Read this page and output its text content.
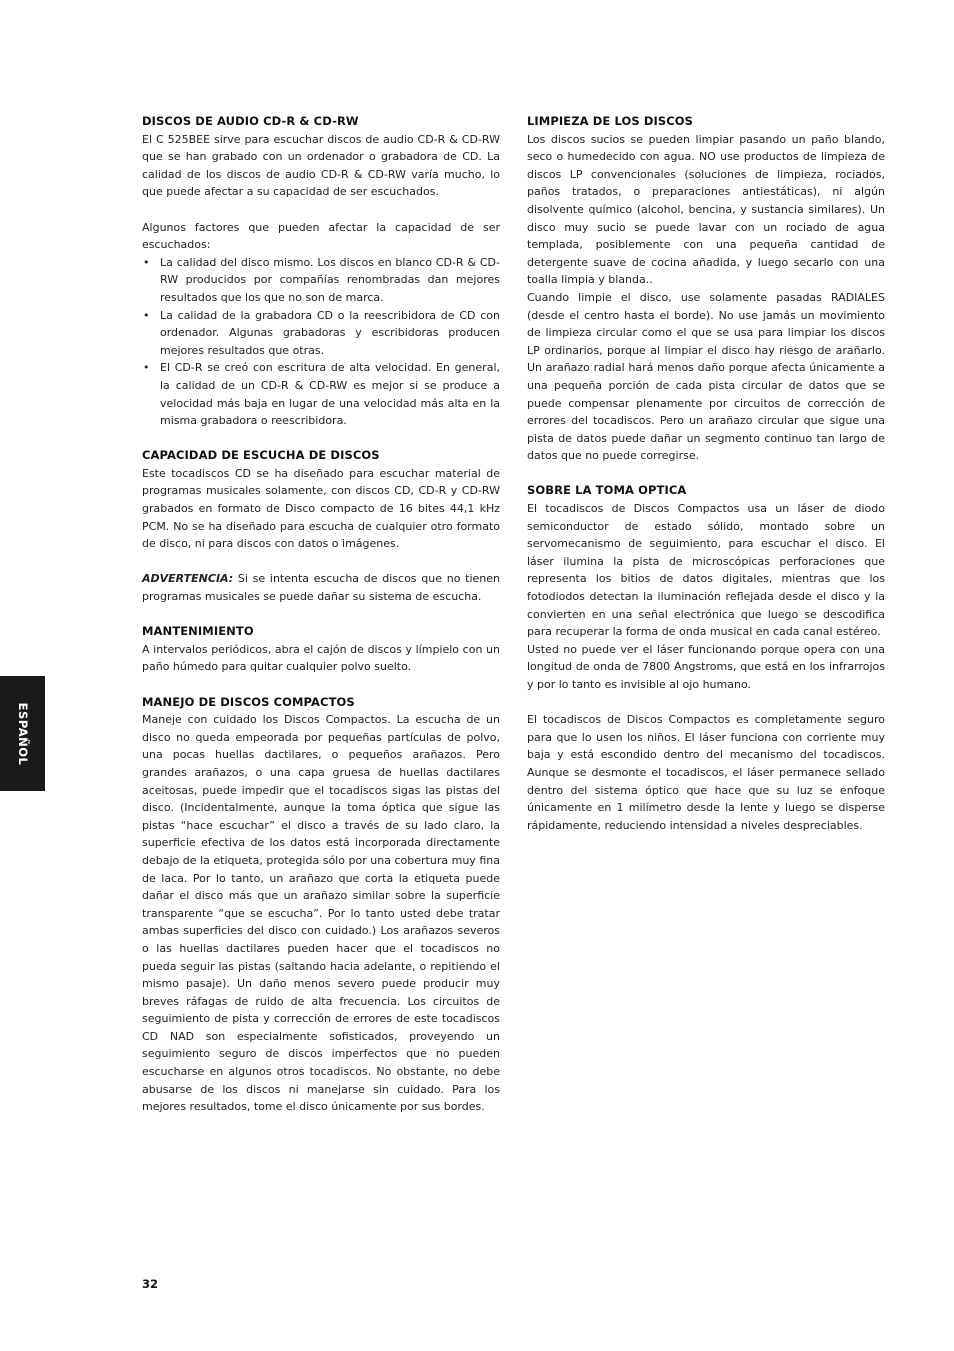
DISCOS DE AUDIO CD-R & CD-RW

El C 525BEE sirve para escuchar discos de audio CD-R & CD-RW que se han grabado con un ordenador o grabadora de CD. La calidad de los discos de audio CD-R & CD-RW varía mucho, lo que puede afectar a su capacidad de ser escuchados.

Algunos factores que pueden afectar la capacidad de ser escuchados:

• La calidad del disco mismo. Los discos en blanco CD-R & CD-RW producidos por compañías renombradas dan mejores resultados que los que no son de marca.
• La calidad de la grabadora CD o la reescribidora de CD con ordenador. Algunas grabadoras y escribidoras producen mejores resultados que otras.
• El CD-R se creó con escritura de alta velocidad. En general, la calidad de un CD-R & CD-RW es mejor si se produce a velocidad más baja en lugar de una velocidad más alta en la misma grabadora o reescribidora.
CAPACIDAD DE ESCUCHA DE DISCOS

Este tocadiscos CD se ha diseñado para escuchar material de programas musicales solamente, con discos CD, CD-R y CD-RW grabados en formato de Disco compacto de 16 bites 44,1 kHz PCM. No se ha diseñado para escucha de cualquier otro formato de disco, ni para discos con datos o imágenes.

ADVERTENCIA: Si se intenta escucha de discos que no tienen programas musicales se puede dañar su sistema de escucha.

MANTENIMIENTO

A intervalos periódicos, abra el cajón de discos y límpielo con un paño húmedo para quitar cualquier polvo suelto.

MANEJO DE DISCOS COMPACTOS

Maneje con cuidado los Discos Compactos. La escucha de un disco no queda empeorada por pequeñas partículas de polvo, una pocas huellas dactilares, o pequeños arañazos. Pero grandes arañazos, o una capa gruesa de huellas dactilares aceitosas, puede impedir que el tocadiscos sigas las pistas del disco. (Incidentalmente, aunque la toma óptica que sigue las pistas “hace escuchar” el disco a través de su lado claro, la superficie efectiva de los datos está incorporada directamente debajo de la etiqueta, protegida sólo por una cobertura muy fina de laca. Por lo tanto, un arañazo que corta la etiqueta puede dañar el disco más que un arañazo similar sobre la superficie transparente “que se escucha”. Por lo tanto usted debe tratar ambas superficies del disco con cuidado.) Los arañazos severos o las huellas dactilares pueden hacer que el tocadiscos no pueda seguir las pistas (saltando hacia adelante, o repitiendo el mismo pasaje). Un daño menos severo puede producir muy breves ráfagas de ruido de alta frecuencia. Los circuitos de seguimiento de pista y corrección de errores de este tocadiscos CD NAD son especialmente sofisticados, proveyendo un seguimiento seguro de discos imperfectos que no pueden escucharse en algunos otros tocadiscos. No obstante, no debe abusarse de los discos ni manejarse sin cuidado. Para los mejores resultados, tome el disco únicamente por sus bordes.

LIMPIEZA DE LOS DISCOS

Los discos sucios se pueden limpiar pasando un paño blando, seco o humedecido con agua. NO use productos de limpieza de discos LP convencionales (soluciones de limpieza, rociados, paños tratados, o preparaciones antiestáticas), ni algún disolvente químico (alcohol, bencina, y sustancia similares). Un disco muy sucio se puede lavar con un rociado de agua templada, posiblemente con una pequeña cantidad de detergente suave de cocina añadida, y luego secarlo con una toalla limpia y blanda..

Cuando limpie el disco, use solamente pasadas RADIALES (desde el centro hasta el borde). No use jamás un movimiento de limpieza circular como el que se usa para limpiar los discos LP ordinarios, porque al limpiar el disco hay riesgo de arañarlo. Un arañazo radial hará menos daño porque afecta únicamente a una pequeña porción de cada pista circular de datos que se puede compensar plenamente por circuitos de corrección de errores del tocadiscos. Pero un arañazo circular que sigue una pista de datos puede dañar un segmento continuo tan largo de datos que no puede corregirse.

SOBRE LA TOMA OPTICA

El tocadiscos de Discos Compactos usa un láser de diodo semiconductor de estado sólido, montado sobre un servomecanismo de seguimiento, para escuchar el disco. El láser ilumina la pista de microscópicas perforaciones que representa los bitios de datos digitales, mientras que los fotodiodos detectan la iluminación reflejada desde el disco y la convierten en una señal electrónica que luego se descodifica para recuperar la forma de onda musical en cada canal estéreo.

Usted no puede ver el láser funcionando porque opera con una longitud de onda de 7800 Angstroms, que está en los infrarrojos y por lo tanto es invisible al ojo humano.

El tocadiscos de Discos Compactos es completamente seguro para que lo usen los niños. El láser funciona con corriente muy baja y está escondido dentro del mecanismo del tocadiscos. Aunque se desmonte el tocadiscos, el láser permanece sellado dentro del sistema óptico que hace que su luz se enfoque únicamente en 1 milímetro desde la lente y luego se disperse rápidamente, reduciendo intensidad a niveles despreciables.

ESPAÑOL
32
